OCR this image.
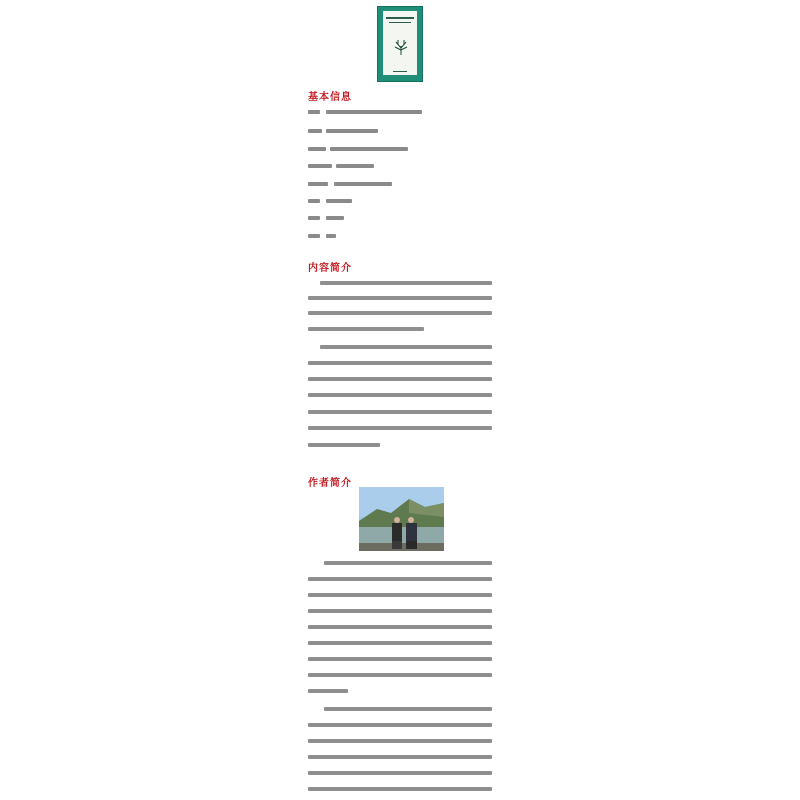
基本信息
内容简介
作者简介
